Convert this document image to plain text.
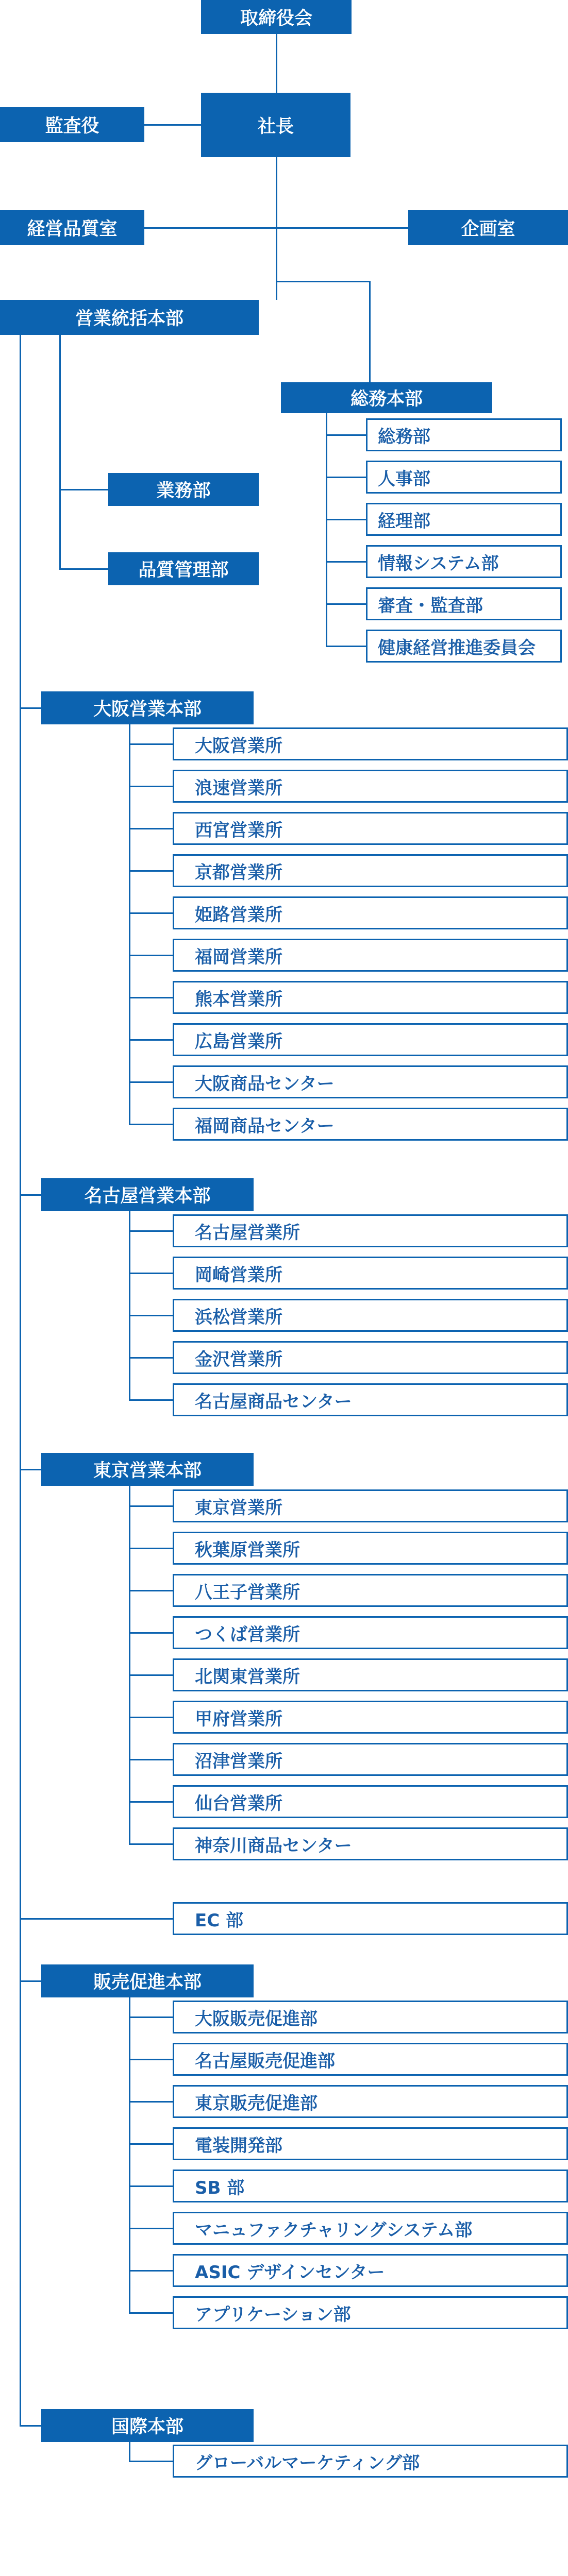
取締役会
監査役	社長
経営品質室	企画室
営業統括本部
総務本部
業務部
品質管理部
大阪営業本部
名古屋営業本部
東京営業本部
EC 部
販売促進本部
国際本部
総務部
人事部
経理部
情報システム部
審査・監査部
健康経営推進委員会
大阪営業所
浪速営業所
西宮営業所
京都営業所
姫路営業所
福岡営業所
熊本営業所
広島営業所
大阪商品センター
福岡商品センター
名古屋営業所
岡崎営業所
浜松営業所
金沢営業所
名古屋商品センター
東京営業所
秋葉原営業所
八王子営業所
つくば営業所
北関東営業所
甲府営業所
沼津営業所
仙台営業所
神奈川商品センター
大阪販売促進部
名古屋販売促進部
東京販売促進部
電装開発部
SB 部
マニュファクチャリングシステム部
ASIC デザインセンター
アプリケーション部
グローバルマーケティング部
